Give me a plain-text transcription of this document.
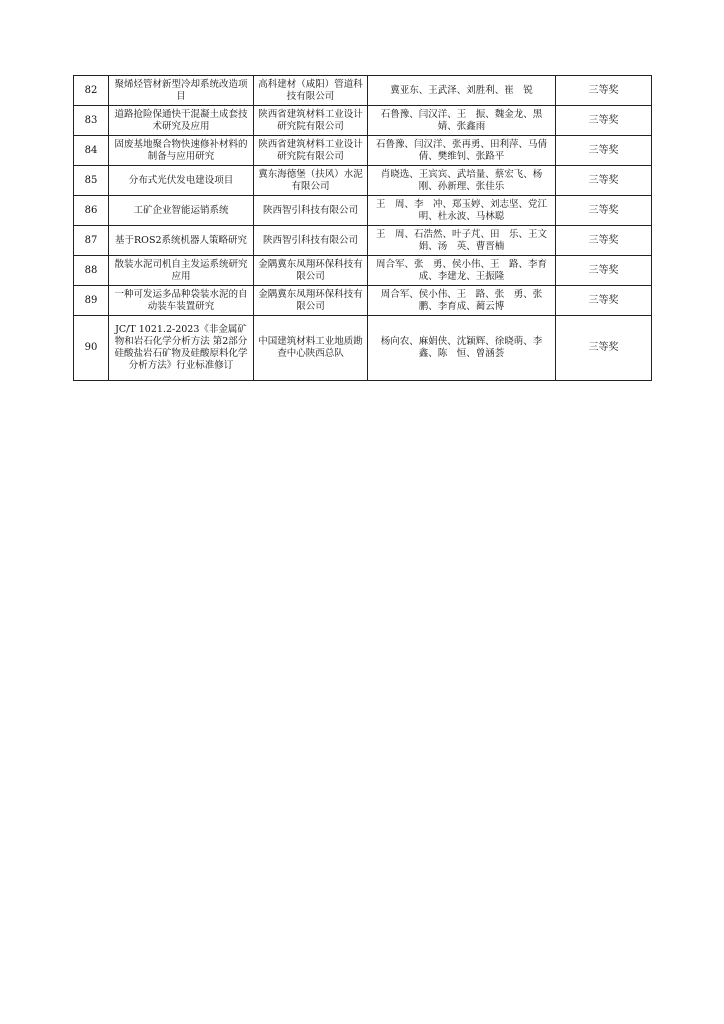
82	聚烯烃管材新型冷却系统改造项目	高科建材（咸阳）管道科技有限公司	冀亚东、王武泽、刘胜利、崔　锐	三等奖
83	道路抢险保通快干混凝土成套技术研究及应用	陕西省建筑材料工业设计研究院有限公司	石鲁豫、闫汉洋、王　振、魏金龙、黑　婧、张鑫雨	三等奖
84	固废基地聚合物快速修补材料的制备与应用研究	陕西省建筑材料工业设计研究院有限公司	石鲁豫、闫汉洋、张再勇、田利萍、马倩倩、樊维钊、张路平	三等奖
85	分布式光伏发电建设项目	冀东海德堡（扶风）水泥有限公司	肖晓选、王宾宾、武培量、蔡宏飞、杨　刚、孙新理、张佳乐	三等奖
86	工矿企业智能运销系统	陕西智引科技有限公司	王　周、李　冲、郑玉婷、刘志坚、党江明、杜永波、马林聪	三等奖
87	基于ROS2系统机器人策略研究	陕西智引科技有限公司	王　周、石浩然、叶子芃、田　乐、王文娟、汤　英、曹晋楠	三等奖
88	散装水泥司机自主发运系统研究应用	金隅冀东凤翔环保科技有限公司	周合军、张　勇、侯小伟、王　路、李育成、李建龙、王振隆	三等奖
89	一种可发运多品种袋装水泥的自动装车装置研究	金隅冀东凤翔环保科技有限公司	周合军、侯小伟、王　路、张　勇、张　鹏、李育成、蔺云博	三等奖
90	JC/T 1021.2-2023《非金属矿物和岩石化学分析方法 第2部分 硅酸盐岩石矿物及硅酸原料化学分析方法》行业标准修订	中国建筑材料工业地质勘查中心陕西总队	杨向农、麻娟侠、沈颖辉、徐晓萌、李　鑫、陈　恒、曾涵荟	三等奖
